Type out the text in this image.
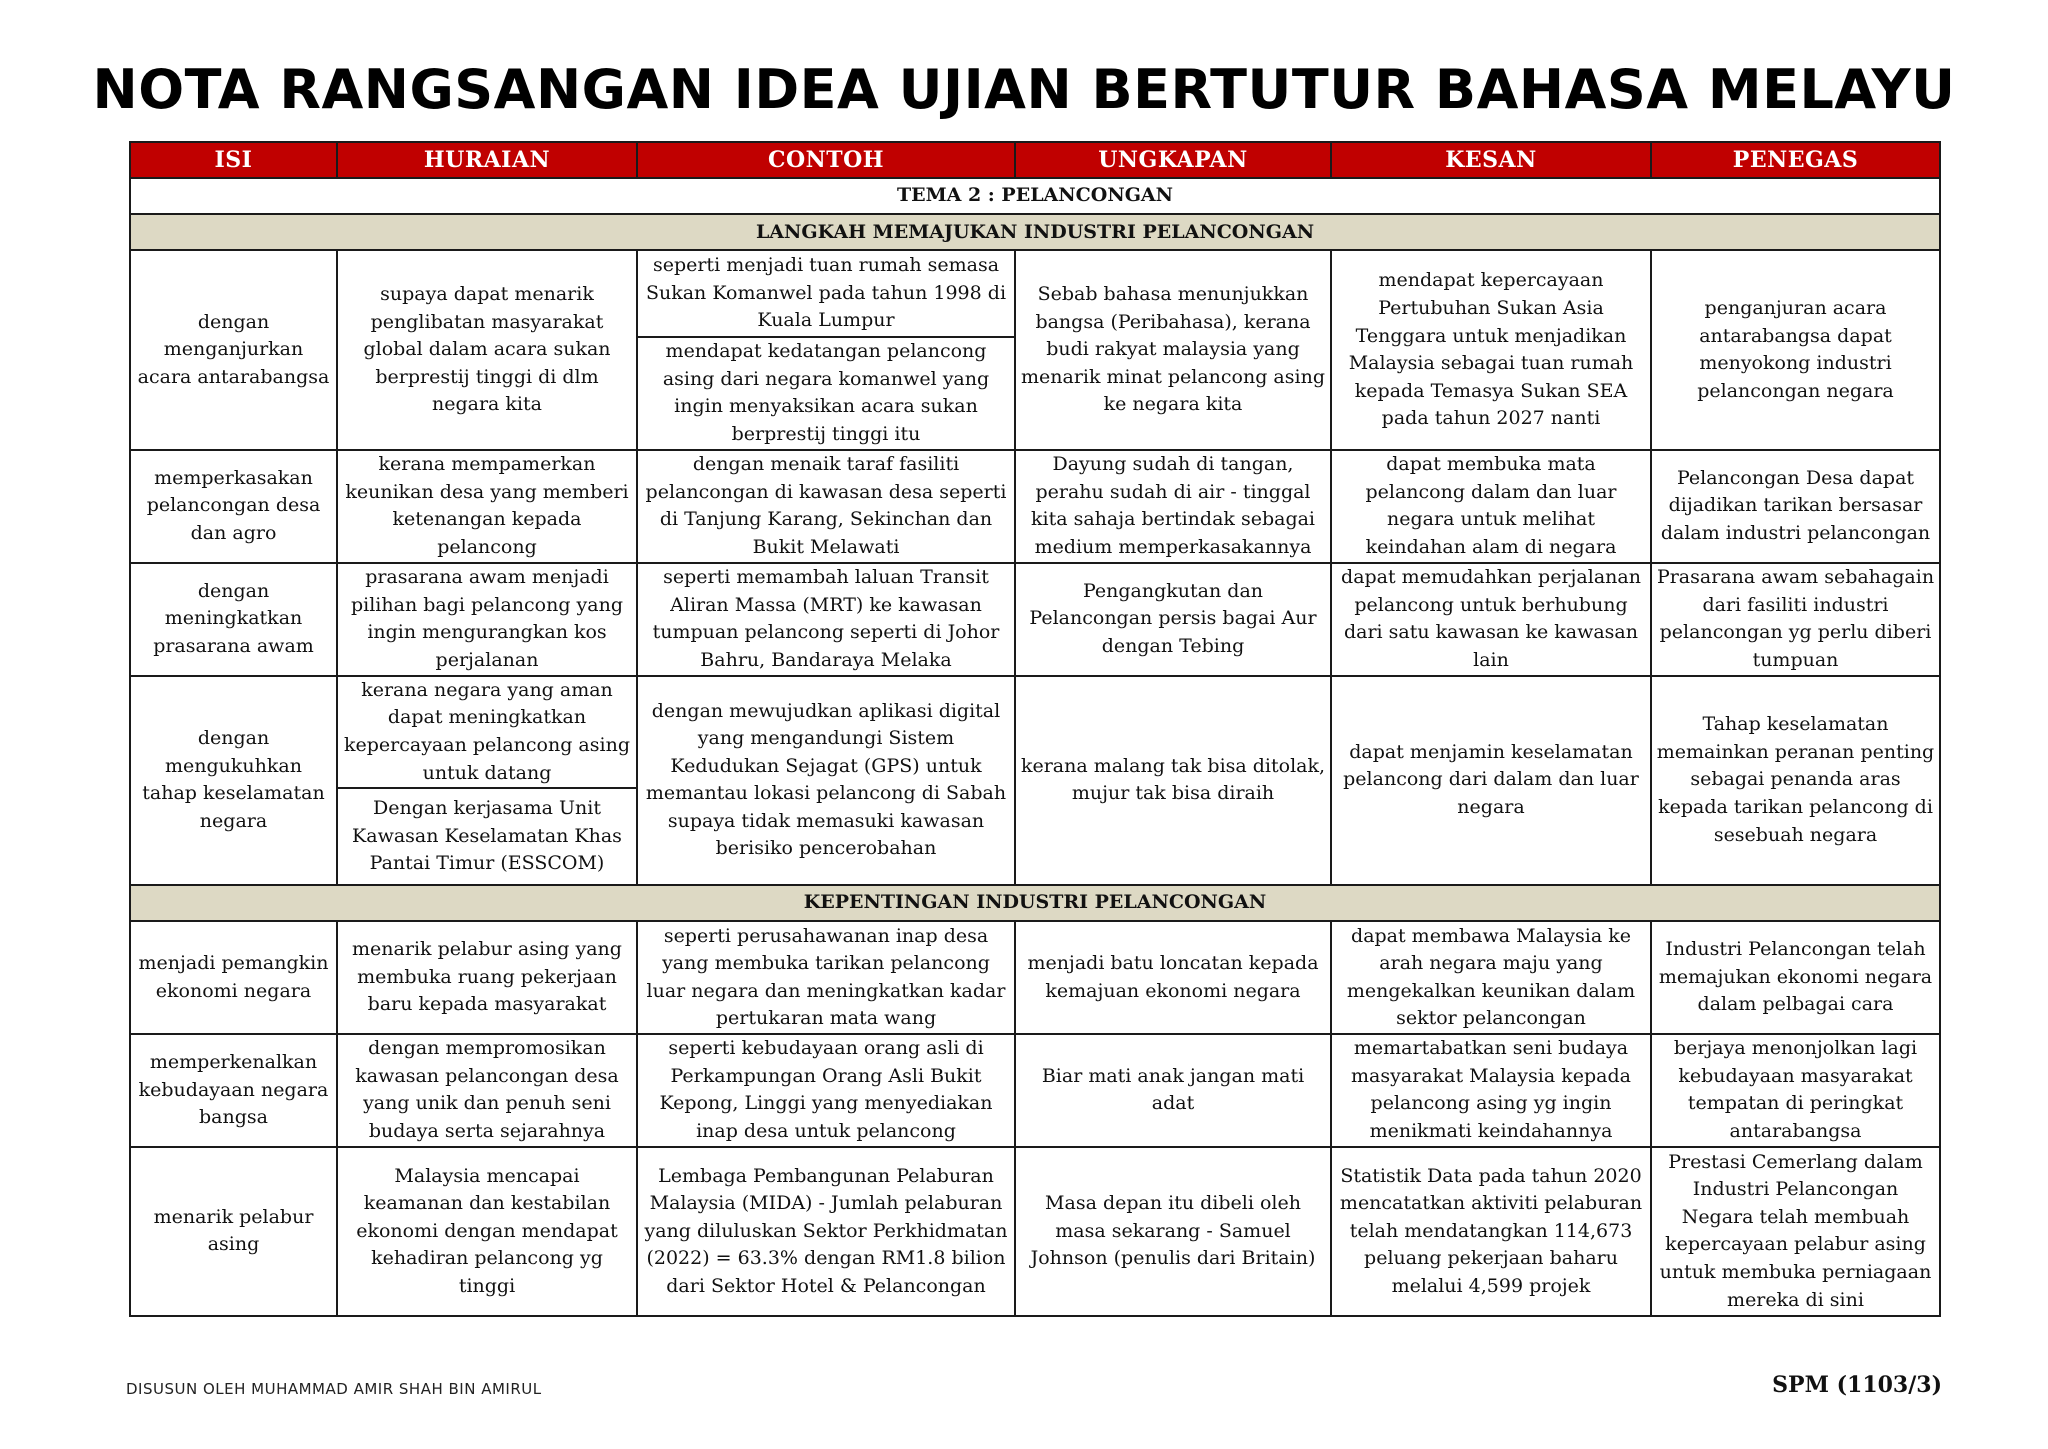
NOTA RANGSANGAN IDEA UJIAN BERTUTUR BAHASA MELAYU
ISI	HURAIAN	CONTOH	UNGKAPAN	KESAN	PENEGAS
TEMA 2 : PELANCONGAN					
LANGKAH MEMAJUKAN INDUSTRI PELANCONGAN					
dengan menganjurkan acara antarabangsa	supaya dapat menarik penglibatan masyarakat global dalam acara sukan berprestij tinggi di dlm negara kita	seperti menjadi tuan rumah semasa Sukan Komanwel pada tahun 1998 di Kuala Lumpur	Sebab bahasa menunjukkan bangsa (Peribahasa), kerana budi rakyat malaysia yang menarik minat pelancong asing ke negara kita	mendapat kepercayaan Pertubuhan Sukan Asia Tenggara untuk menjadikan Malaysia sebagai tuan rumah kepada Temasya Sukan SEA pada tahun 2027 nanti	penganjuran acara antarabangsa dapat menyokong industri pelancongan negara
		mendapat kedatangan pelancong asing dari negara komanwel yang ingin menyaksikan acara sukan berprestij tinggi itu			
memperkasakan pelancongan desa dan agro	kerana mempamerkan keunikan desa yang memberi ketenangan kepada pelancong	dengan menaik taraf fasiliti pelancongan di kawasan desa seperti di Tanjung Karang, Sekinchan dan Bukit Melawati	Dayung sudah di tangan, perahu sudah di air - tinggal kita sahaja bertindak sebagai medium memperkasakannya	dapat membuka mata pelancong dalam dan luar negara untuk melihat keindahan alam di negara	Pelancongan Desa dapat dijadikan tarikan bersasar dalam industri pelancongan
dengan meningkatkan prasarana awam	prasarana awam menjadi pilihan bagi pelancong yang ingin mengurangkan kos perjalanan	seperti memambah laluan Transit Aliran Massa (MRT) ke kawasan tumpuan pelancong seperti di Johor Bahru, Bandaraya Melaka	Pengangkutan dan Pelancongan persis bagai Aur dengan Tebing	dapat memudahkan perjalanan pelancong untuk berhubung dari satu kawasan ke kawasan lain	Prasarana awam sebahagain dari fasiliti industri pelancongan yg perlu diberi tumpuan
dengan mengukuhkan tahap keselamatan negara	kerana negara yang aman dapat meningkatkan kepercayaan pelancong asing untuk datang	dengan mewujudkan aplikasi digital yang mengandungi Sistem Kedudukan Sejagat (GPS) untuk memantau lokasi pelancong di Sabah supaya tidak memasuki kawasan berisiko pencerobahan	kerana malang tak bisa ditolak, mujur tak bisa diraih	dapat menjamin keselamatan pelancong dari dalam dan luar negara	Tahap keselamatan memainkan peranan penting sebagai penanda aras kepada tarikan pelancong di sesebuah negara
	Dengan kerjasama Unit Kawasan Keselamatan Khas Pantai Timur (ESSCOM)				
KEPENTINGAN INDUSTRI PELANCONGAN					
menjadi pemangkin ekonomi negara	menarik pelabur asing yang membuka ruang pekerjaan baru kepada masyarakat	seperti perusahawanan inap desa yang membuka tarikan pelancong luar negara dan meningkatkan kadar pertukaran mata wang	menjadi batu loncatan kepada kemajuan ekonomi negara	dapat membawa Malaysia ke arah negara maju yang mengekalkan keunikan dalam sektor pelancongan	Industri Pelancongan telah memajukan ekonomi negara dalam pelbagai cara
memperkenalkan kebudayaan negara bangsa	dengan mempromosikan kawasan pelancongan desa yang unik dan penuh seni budaya serta sejarahnya	seperti kebudayaan orang asli di Perkampungan Orang Asli Bukit Kepong, Linggi yang menyediakan inap desa untuk pelancong	Biar mati anak jangan mati adat	memartabatkan seni budaya masyarakat Malaysia kepada pelancong asing yg ingin menikmati keindahannya	berjaya menonjolkan lagi kebudayaan masyarakat tempatan di peringkat antarabangsa
menarik pelabur asing	Malaysia mencapai keamanan dan kestabilan ekonomi dengan mendapat kehadiran pelancong yg tinggi	Lembaga Pembangunan Pelaburan Malaysia (MIDA) - Jumlah pelaburan yang diluluskan Sektor Perkhidmatan (2022) = 63.3% dengan RM1.8 bilion dari Sektor Hotel & Pelancongan	Masa depan itu dibeli oleh masa sekarang - Samuel Johnson (penulis dari Britain)	Statistik Data pada tahun 2020 mencatatkan aktiviti pelaburan telah mendatangkan 114,673 peluang pekerjaan baharu melalui 4,599 projek	Prestasi Cemerlang dalam Industri Pelancongan Negara telah membuah kepercayaan pelabur asing untuk membuka perniagaan mereka di sini
DISUSUN OLEH MUHAMMAD AMIR SHAH BIN AMIRUL	SPM (1103/3)
